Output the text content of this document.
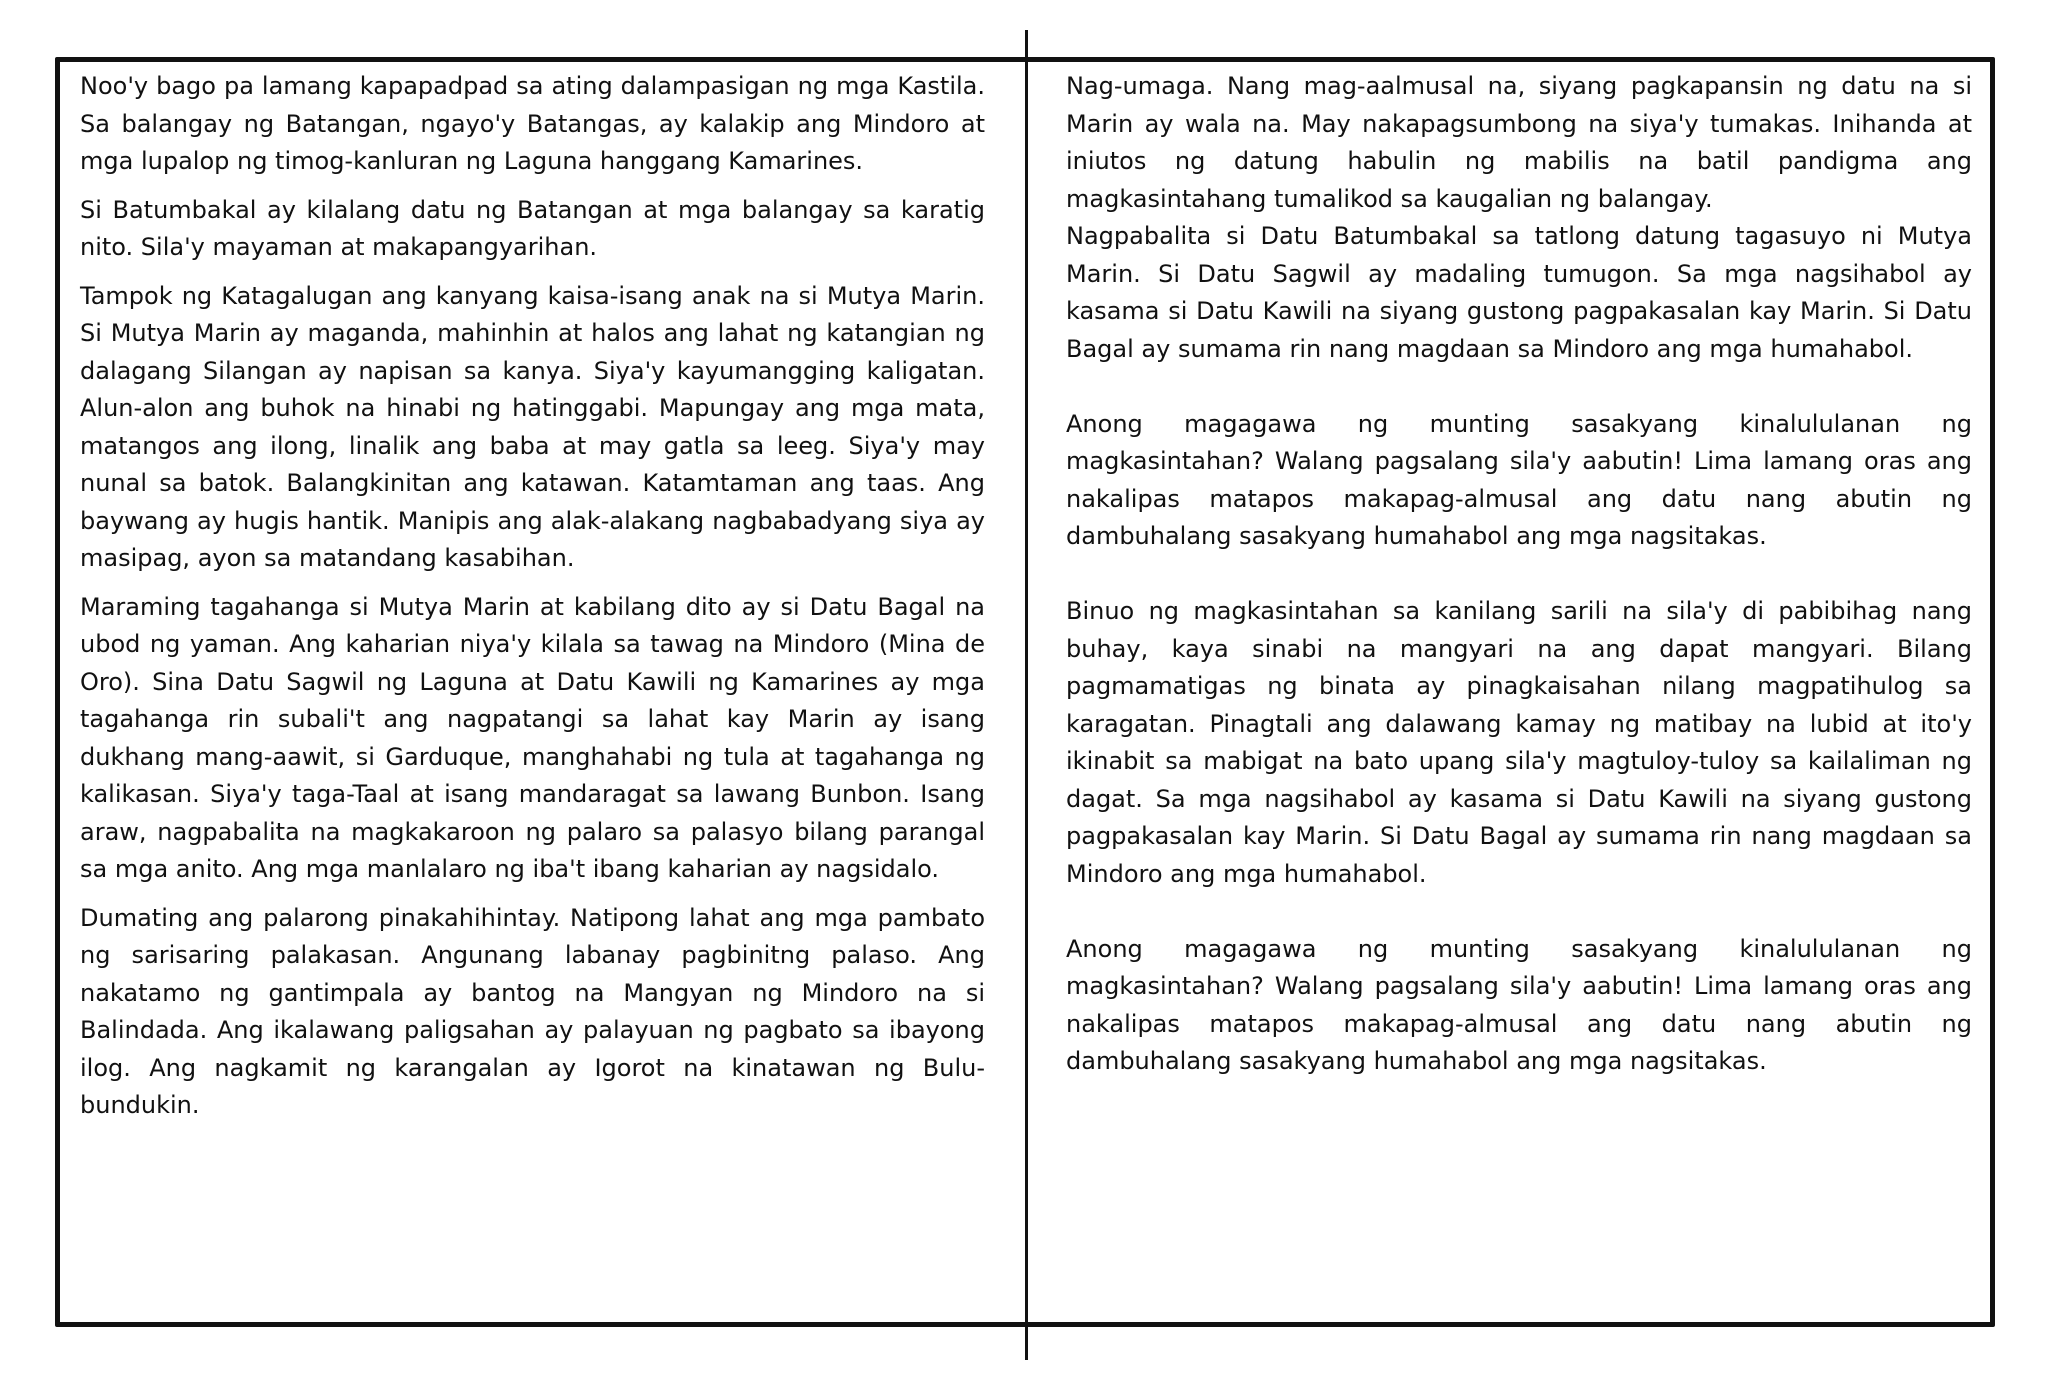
Noo'y bago pa lamang kapapadpad sa ating dalampasigan ng mga Kastila. Sa balangay ng Batangan, ngayo'y Batangas, ay kalakip ang Mindoro at mga lupalop ng timog-kanluran ng Laguna hanggang Kamarines.

Si Batumbakal ay kilalang datu ng Batangan at mga balangay sa karatig nito. Sila'y mayaman at makapangyarihan.

Tampok ng Katagalugan ang kanyang kaisa-isang anak na si Mutya Marin. Si Mutya Marin ay maganda, mahinhin at halos ang lahat ng katangian ng dalagang Silangan ay napisan sa kanya. Siya'y kayumangging kaligatan. Alun-alon ang buhok na hinabi ng hatinggabi. Mapungay ang mga mata, matangos ang ilong, linalik ang baba at may gatla sa leeg. Siya'y may nunal sa batok. Balangkinitan ang katawan. Katamtaman ang taas. Ang baywang ay hugis hantik. Manipis ang alak-alakang nagbabadyang siya ay masipag, ayon sa matandang kasabihan.

Maraming tagahanga si Mutya Marin at kabilang dito ay si Datu Bagal na ubod ng yaman. Ang kaharian niya'y kilala sa tawag na Mindoro (Mina de Oro). Sina Datu Sagwil ng Laguna at Datu Kawili ng Kamarines ay mga tagahanga rin subali't ang nagpatangi sa lahat kay Marin ay isang dukhang mang-aawit, si Garduque, manghahabi ng tula at tagahanga ng kalikasan. Siya'y taga-Taal at isang mandaragat sa lawang Bunbon. Isang araw, nagpabalita na magkakaroon ng palaro sa palasyo bilang parangal sa mga anito. Ang mga manlalaro ng iba't ibang kaharian ay nagsidalo.

Dumating ang palarong pinakahihintay. Natipong lahat ang mga pambato ng sarisaring palakasan. Angunang labanay pagbinitng palaso. Ang nakatamo ng gantimpala ay bantog na Mangyan ng Mindoro na si Balindada. Ang ikalawang paligsahan ay palayuan ng pagbato sa ibayong ilog. Ang nagkamit ng karangalan ay Igorot na kinatawan ng Bulu-bundukin.

Nag-umaga. Nang mag-aalmusal na, siyang pagkapansin ng datu na si Marin ay wala na. May nakapagsumbong na siya'y tumakas. Inihanda at iniutos ng datung habulin ng mabilis na batil pandigma ang magkasintahang tumalikod sa kaugalian ng balangay.

Nagpabalita si Datu Batumbakal sa tatlong datung tagasuyo ni Mutya Marin. Si Datu Sagwil ay madaling tumugon. Sa mga nagsihabol ay kasama si Datu Kawili na siyang gustong pagpakasalan kay Marin. Si Datu Bagal ay sumama rin nang magdaan sa Mindoro ang mga humahabol.

Anong magagawa ng munting sasakyang kinalululanan ng magkasintahan? Walang pagsalang sila'y aabutin! Lima lamang oras ang nakalipas matapos makapag-almusal ang datu nang abutin ng dambuhalang sasakyang humahabol ang mga nagsitakas.

Binuo ng magkasintahan sa kanilang sarili na sila'y di pabibihag nang buhay, kaya sinabi na mangyari na ang dapat mangyari. Bilang pagmamatigas ng binata ay pinagkaisahan nilang magpatihulog sa karagatan. Pinagtali ang dalawang kamay ng matibay na lubid at ito'y ikinabit sa mabigat na bato upang sila'y magtuloy-tuloy sa kailaliman ng dagat. Sa mga nagsihabol ay kasama si Datu Kawili na siyang gustong pagpakasalan kay Marin. Si Datu Bagal ay sumama rin nang magdaan sa Mindoro ang mga humahabol.

Anong magagawa ng munting sasakyang kinalululanan ng magkasintahan? Walang pagsalang sila'y aabutin! Lima lamang oras ang nakalipas matapos makapag-almusal ang datu nang abutin ng dambuhalang sasakyang humahabol ang mga nagsitakas.
